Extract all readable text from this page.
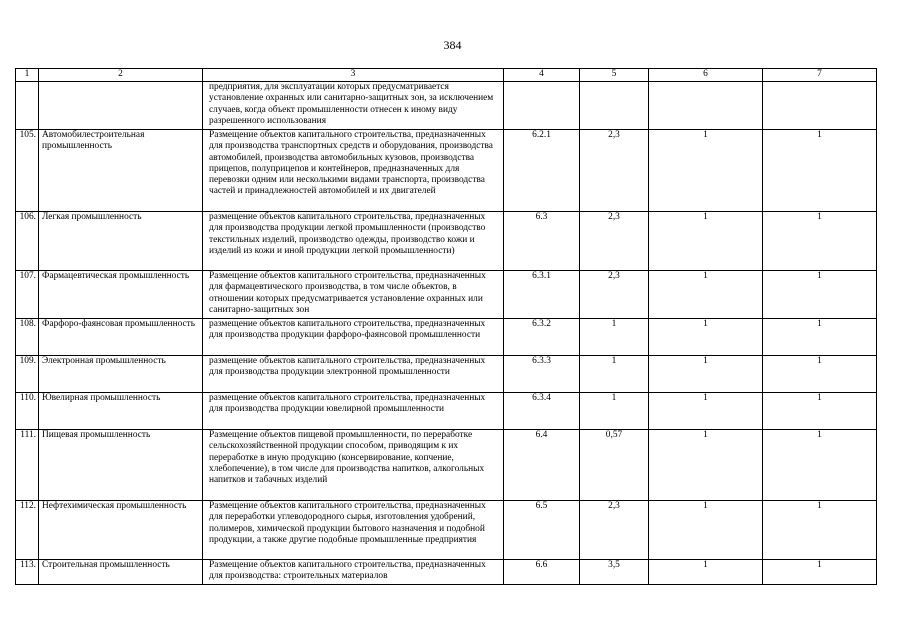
384
1	2	3	4	5	6	7
		предприятия, для эксплуатации которых предусматривается установление охранных или санитарно-защитных зон, за исключением случаев, когда объект промышленности отнесен к иному виду разрешенного использования				
105.	Автомобилестроительная промышленность	Размещение объектов капитального строительства, предназначенных для производства транспортных средств и оборудования, производства автомобилей, производства автомобильных кузовов, производства прицепов, полуприцепов и контейнеров, предназначенных для перевозки одним или несколькими видами транспорта, производства частей и принадлежностей автомобилей и их двигателей	6.2.1	2,3	1	1
106.	Легкая промышленность	размещение объектов капитального строительства, предназначенных для производства продукции легкой промышленности (производство текстильных изделий, производство одежды, производство кожи и изделий из кожи и иной продукции легкой промышленности)	6.3	2,3	1	1
107.	Фармацевтическая промышленность	Размещение объектов капитального строительства, предназначенных для фармацевтического производства, в том числе объектов, в отношении которых предусматривается установление охранных или санитарно-защитных зон	6.3.1	2,3	1	1
108.	Фарфоро-фаянсовая промышленность	размещение объектов капитального строительства, предназначенных для производства продукции фарфоро-фаянсовой промышленности	6.3.2	1	1	1
109.	Электронная промышленность	размещение объектов капитального строительства, предназначенных для производства продукции электронной промышленности	6.3.3	1	1	1
110.	Ювелирная промышленность	размещение объектов капитального строительства, предназначенных для производства продукции ювелирной промышленности	6.3.4	1	1	1
111.	Пищевая промышленность	Размещение объектов пищевой промышленности, по переработке сельскохозяйственной продукции способом, приводящим к их переработке в иную продукцию (консервирование, копчение, хлебопечение), в том числе для производства напитков, алкогольных напитков и табачных изделий	6.4	0,57	1	1
112.	Нефтехимическая промышленность	Размещение объектов капитального строительства, предназначенных для переработки углеводородного сырья, изготовления удобрений, полимеров, химической продукции бытового назначения и подобной продукции, а также другие подобные промышленные предприятия	6.5	2,3	1	1
113.	Строительная промышленность	Размещение объектов капитального строительства, предназначенных для производства: строительных материалов	6.6	3,5	1	1
